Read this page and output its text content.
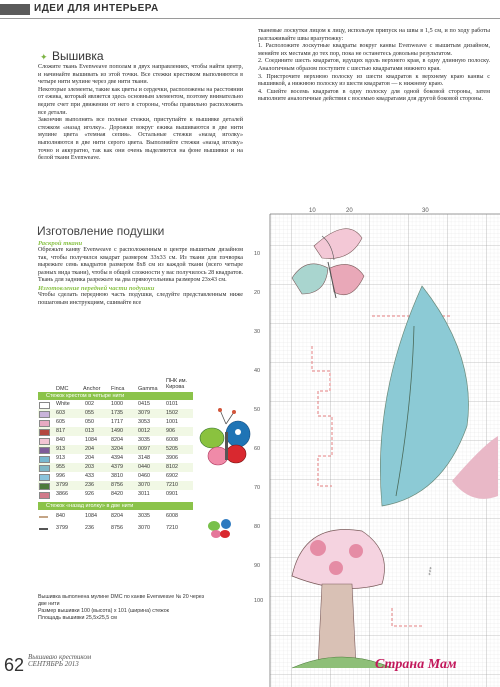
ИДЕИ ДЛЯ ИНТЕРЬЕРА
✦ Вышивка
Сложите ткань Evenweave пополам в двух направлениях, чтобы найти центр, и начинайте вышивать из этой точки. Все стежки крестиком выполняются в четыре нити мулине через две нити ткани.
Некоторые элементы, такие как цветы и сердечки, расположены на расстоянии от ежика, который является здесь основным элементом, поэтому внимательно ведите счет при движении от него в стороны, чтобы правильно расположить все детали.
Закончив выполнять все полные стежки, приступайте к вышивке деталей стежком «назад иголку». Дорожки вокруг ежика вышиваются в две нити мулине цвета «темная сепия». Остальные стежки «назад иголку» выполняются в две нити серого цвета. Выполняйте стежки «назад иголку» точно и аккуратно, так как они очень выделяются на фоне вышивки и на белой ткани Evenweave.
Изготовление подушки
Раскрой ткани
Обрежьте канву Evenweave с расположенным в центре вышитым дизайном так, чтобы получился квадрат размером 33х33 см. Из ткани для пэчворка вырежьте семь квадратов размером 8х8 см из каждой ткани (всего четыре разных вида ткани), чтобы в общей сложности у вас получилось 28 квадратов. Ткань для задника разрежьте на два прямоугольника размером 23х43 см.
Изготовление передней части подушки
Чтобы сделать переднюю часть подушки, следуйте представленным ниже пошаговым инструкциям, сшивайте все
DMC	Anchor Finca Gamma
ПНК им. Кирова
Стежок крестом в четыре нити
White	002	1000	0415	0101
603	055	1735	3079	1502
605	050	1717	3053	1001
817	013	1490	0012	906
840	1084	8204	3035	6008
913	204	3204	0097	5205
913	204	4394	3148	3906
955	203	4379	0440	8102
996	433	3810	0460	6902
3799	236	8756	3070	7210
3866	926	8420	3011	0901
Стежок «назад иголку» в две нити
840	1084	8204	3035	6008
3799	236	8756	3070	7210
Вышивка выполнена мулине DMC по канве Evenweave № 20 через две нити
Размер вышивки 100 (высота) х 101 (ширина) стежок
Площадь вышивки 25,5х25,5 см
62 Вышиваю крестиком
СЕНТЯБРЬ 2013
тканевые лоскутки лицом к лицу, используя припуск на швы в 1,5 см, и по ходу работы разглаживайте швы вразутюжку:
1. Расположите лоскутные квадраты вокруг канвы Evenweave с вышитым дизайном, меняйте их местами до тех пор, пока не останетесь довольны результатом.
2. Соедините шесть квадратов, идущих вдоль верхнего края, в одну длинную полоску. Аналогичным образом поступите с шестью квадратами нижнего края.
3. Пристрочите верхнюю полоску из шести квадратов к верхнему краю канвы с вышивкой, а нижнюю полоску из шести квадратов — к нижнему краю.
4. Сшейте восемь квадратов в одну полоску для одной боковой стороны, затем выполните аналогичные действия с восемью квадратами для другой боковой стороны.
10	20	30
10
20
30
40
50
60
70
80
90
100
***
Страна Мам
